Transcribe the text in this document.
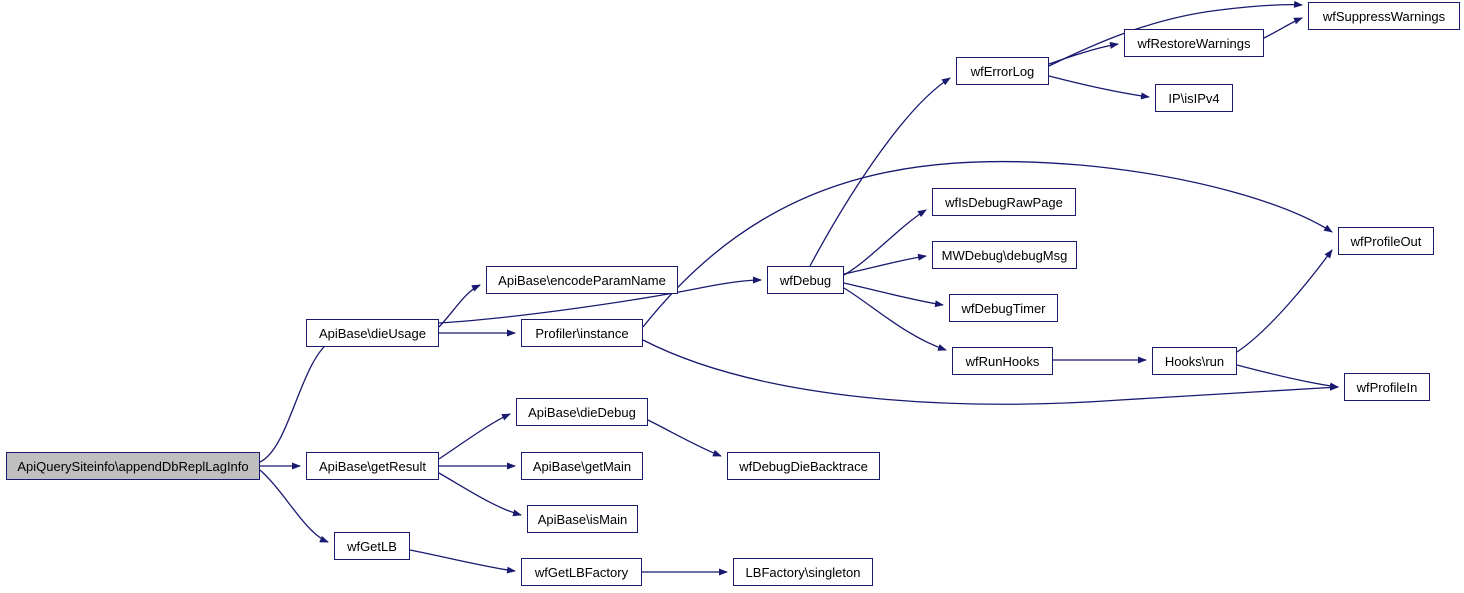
ApiQuerySiteinfo\appendDbReplLagInfo
ApiBase\dieUsage
ApiBase\getResult
wfGetLB
ApiBase\encodeParamName
Profiler\instance
ApiBase\dieDebug
ApiBase\getMain
ApiBase\isMain
wfGetLBFactory
wfDebugDieBacktrace
LBFactory\singleton
wfDebug
wfErrorLog
wfIsDebugRawPage
MWDebug\debugMsg
wfDebugTimer
wfRunHooks
wfRestoreWarnings
IP\isIPv4
Hooks\run
wfSuppressWarnings
wfProfileOut
wfProfileIn
